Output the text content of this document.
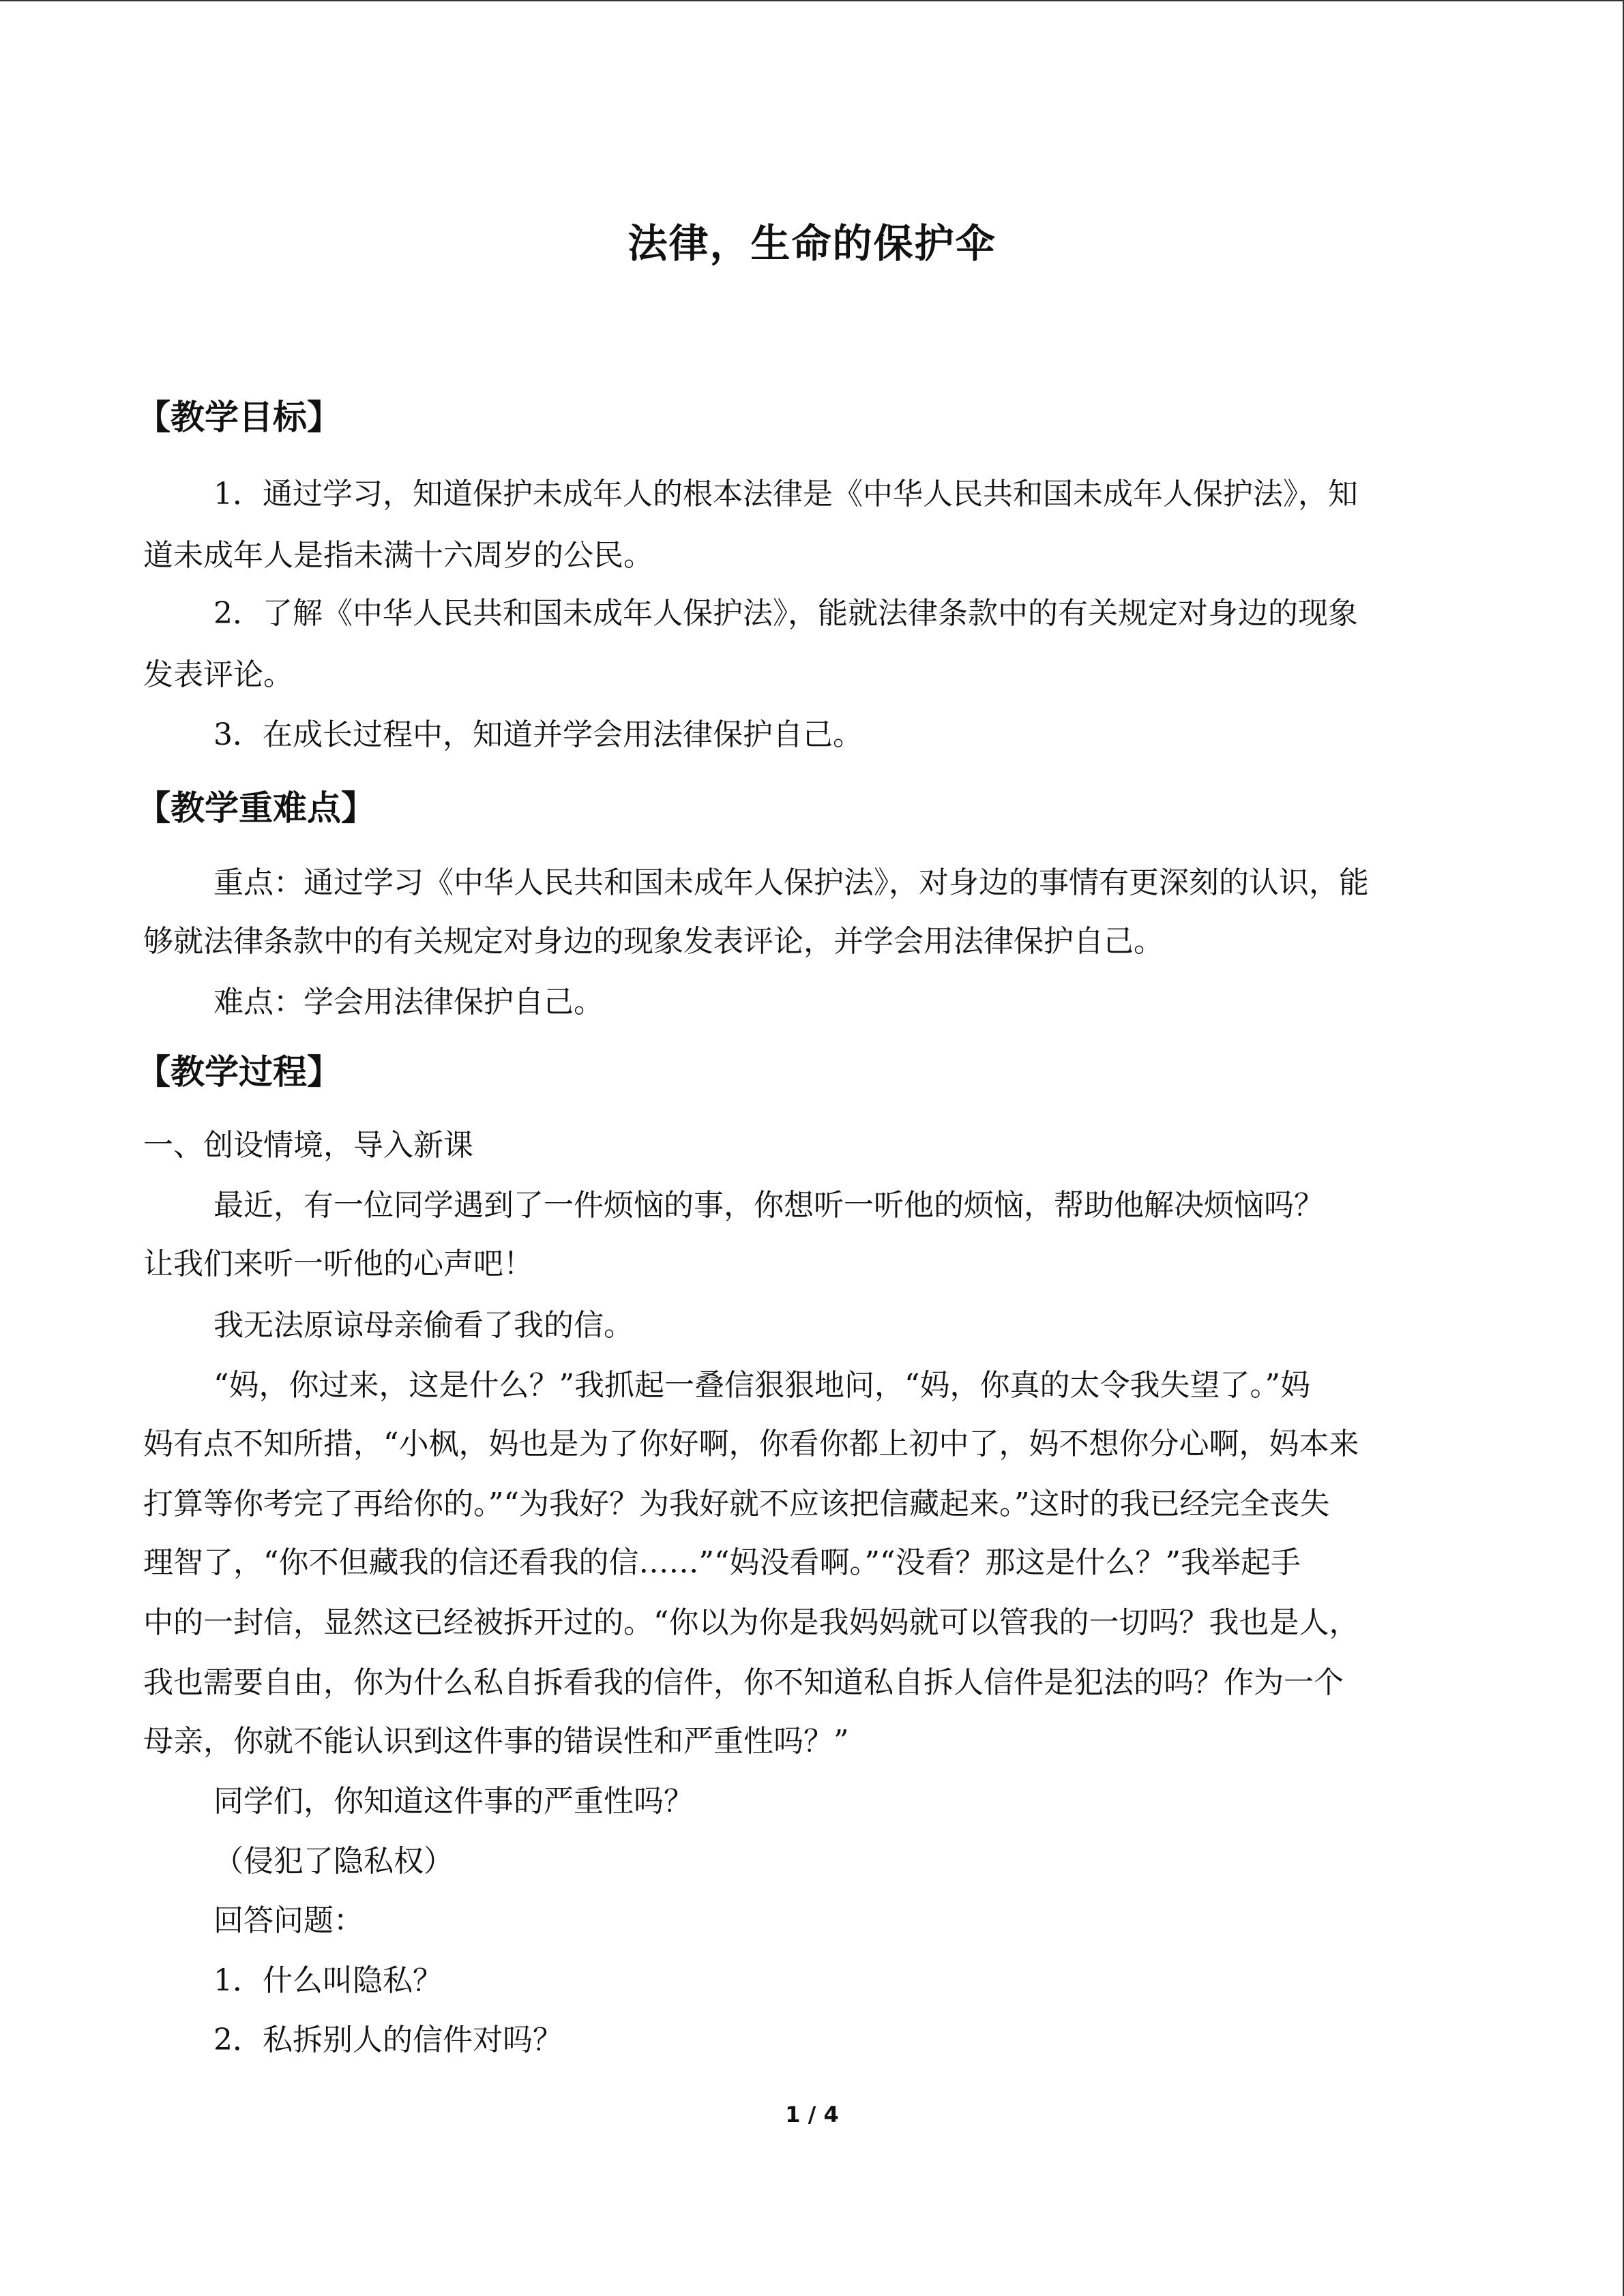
法律，生命的保护伞
【教学目标】
1．通过学习，知道保护未成年人的根本法律是《中华人民共和国未成年人保护法》，知
道未成年人是指未满十六周岁的公民。
2．了解《中华人民共和国未成年人保护法》，能就法律条款中的有关规定对身边的现象
发表评论。
3．在成长过程中，知道并学会用法律保护自己。
【教学重难点】
重点：通过学习《中华人民共和国未成年人保护法》，对身边的事情有更深刻的认识，能
够就法律条款中的有关规定对身边的现象发表评论，并学会用法律保护自己。
难点：学会用法律保护自己。
【教学过程】
一、创设情境，导入新课
最近，有一位同学遇到了一件烦恼的事，你想听一听他的烦恼，帮助他解决烦恼吗？
让我们来听一听他的心声吧！
我无法原谅母亲偷看了我的信。
“妈，你过来，这是什么？”我抓起一叠信狠狠地问，“妈，你真的太令我失望了。”妈
妈有点不知所措，“小枫，妈也是为了你好啊，你看你都上初中了，妈不想你分心啊，妈本来
打算等你考完了再给你的。”“为我好？为我好就不应该把信藏起来。”这时的我已经完全丧失
理智了，“你不但藏我的信还看我的信……”“妈没看啊。”“没看？那这是什么？”我举起手
中的一封信，显然这已经被拆开过的。“你以为你是我妈妈就可以管我的一切吗？我也是人，
我也需要自由，你为什么私自拆看我的信件，你不知道私自拆人信件是犯法的吗？作为一个
母亲，你就不能认识到这件事的错误性和严重性吗？”
同学们，你知道这件事的严重性吗？
（侵犯了隐私权）
回答问题：
1．什么叫隐私？
2．私拆别人的信件对吗？
1 / 4
